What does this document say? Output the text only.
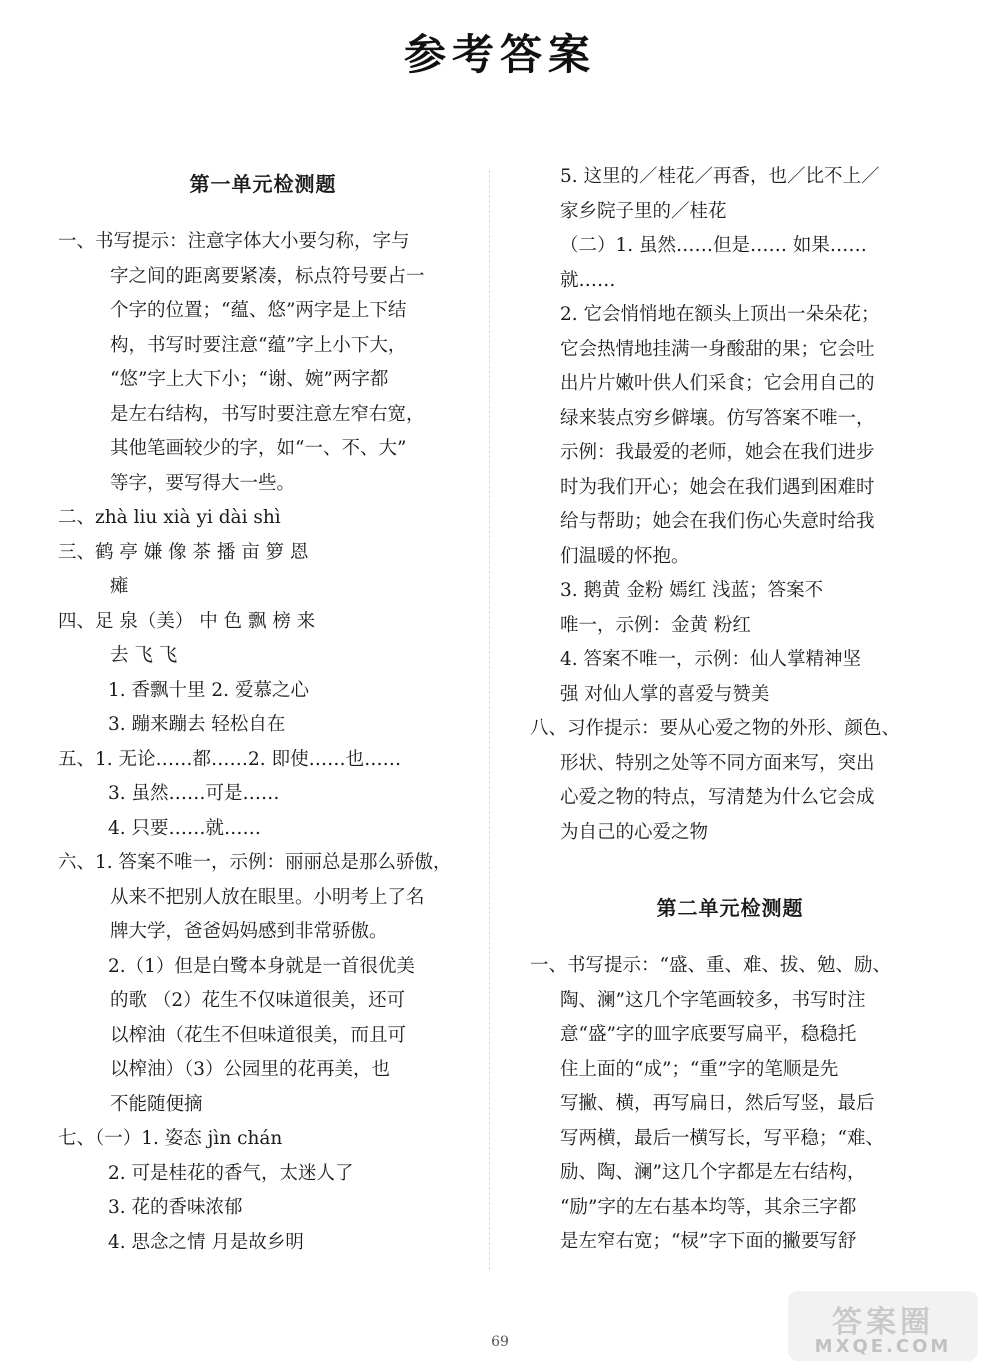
参考答案
第一单元检测题
一、书写提示：注意字体大小要匀称，字与
字之间的距离要紧凑，标点符号要占一
个字的位置；“蕴、悠”两字是上下结
构，书写时要注意“蕴”字上小下大，
“悠”字上大下小；“谢、婉”两字都
是左右结构，书写时要注意左窄右宽，
其他笔画较少的字，如“一、不、大”
等字，要写得大一些。
二、zhà liu xià yi dài shì
三、鹤 亭 嫌 像 茶 播 亩 箩 恩
瘫
四、足 泉（美） 中 色 飘 榜 来
去 飞 飞
1. 香飘十里 2. 爱慕之心
3. 蹦来蹦去 轻松自在
五、1. 无论……都……2. 即使……也……
3. 虽然……可是……
4. 只要……就……
六、1. 答案不唯一，示例：丽丽总是那么骄傲，
从来不把别人放在眼里。小明考上了名
牌大学，爸爸妈妈感到非常骄傲。
2.（1）但是白鹭本身就是一首很优美
的歌 （2）花生不仅味道很美，还可
以榨油（花生不但味道很美，而且可
以榨油）（3）公园里的花再美，也
不能随便摘
七、（一）1. 姿态 jìn chán
2. 可是桂花的香气，太迷人了
3. 花的香味浓郁
4. 思念之情 月是故乡明
5. 这里的／桂花／再香，也／比不上／
家乡院子里的／桂花
（二）1. 虽然……但是…… 如果……
就……
2. 它会悄悄地在额头上顶出一朵朵花；
它会热情地挂满一身酸甜的果；它会吐
出片片嫩叶供人们采食；它会用自己的
绿来装点穷乡僻壤。仿写答案不唯一，
示例：我最爱的老师，她会在我们进步
时为我们开心；她会在我们遇到困难时
给与帮助；她会在我们伤心失意时给我
们温暖的怀抱。
3. 鹅黄 金粉 嫣红 浅蓝；答案不
唯一，示例：金黄 粉红
4. 答案不唯一，示例：仙人掌精神坚
强 对仙人掌的喜爱与赞美
八、习作提示：要从心爱之物的外形、颜色、
形状、特别之处等不同方面来写，突出
心爱之物的特点，写清楚为什么它会成
为自己的心爱之物
第二单元检测题
一、书写提示：“盛、重、难、拔、勉、励、
陶、澜”这几个字笔画较多，书写时注
意“盛”字的皿字底要写扁平，稳稳托
住上面的“成”；“重”字的笔顺是先
写撇、横，再写扁日，然后写竖，最后
写两横，最后一横写长，写平稳；“难、
励、陶、澜”这几个字都是左右结构，
“励”字的左右基本均等，其余三字都
是左窄右宽；“棂”字下面的撇要写舒
69
答案圈
MXQE.COM
